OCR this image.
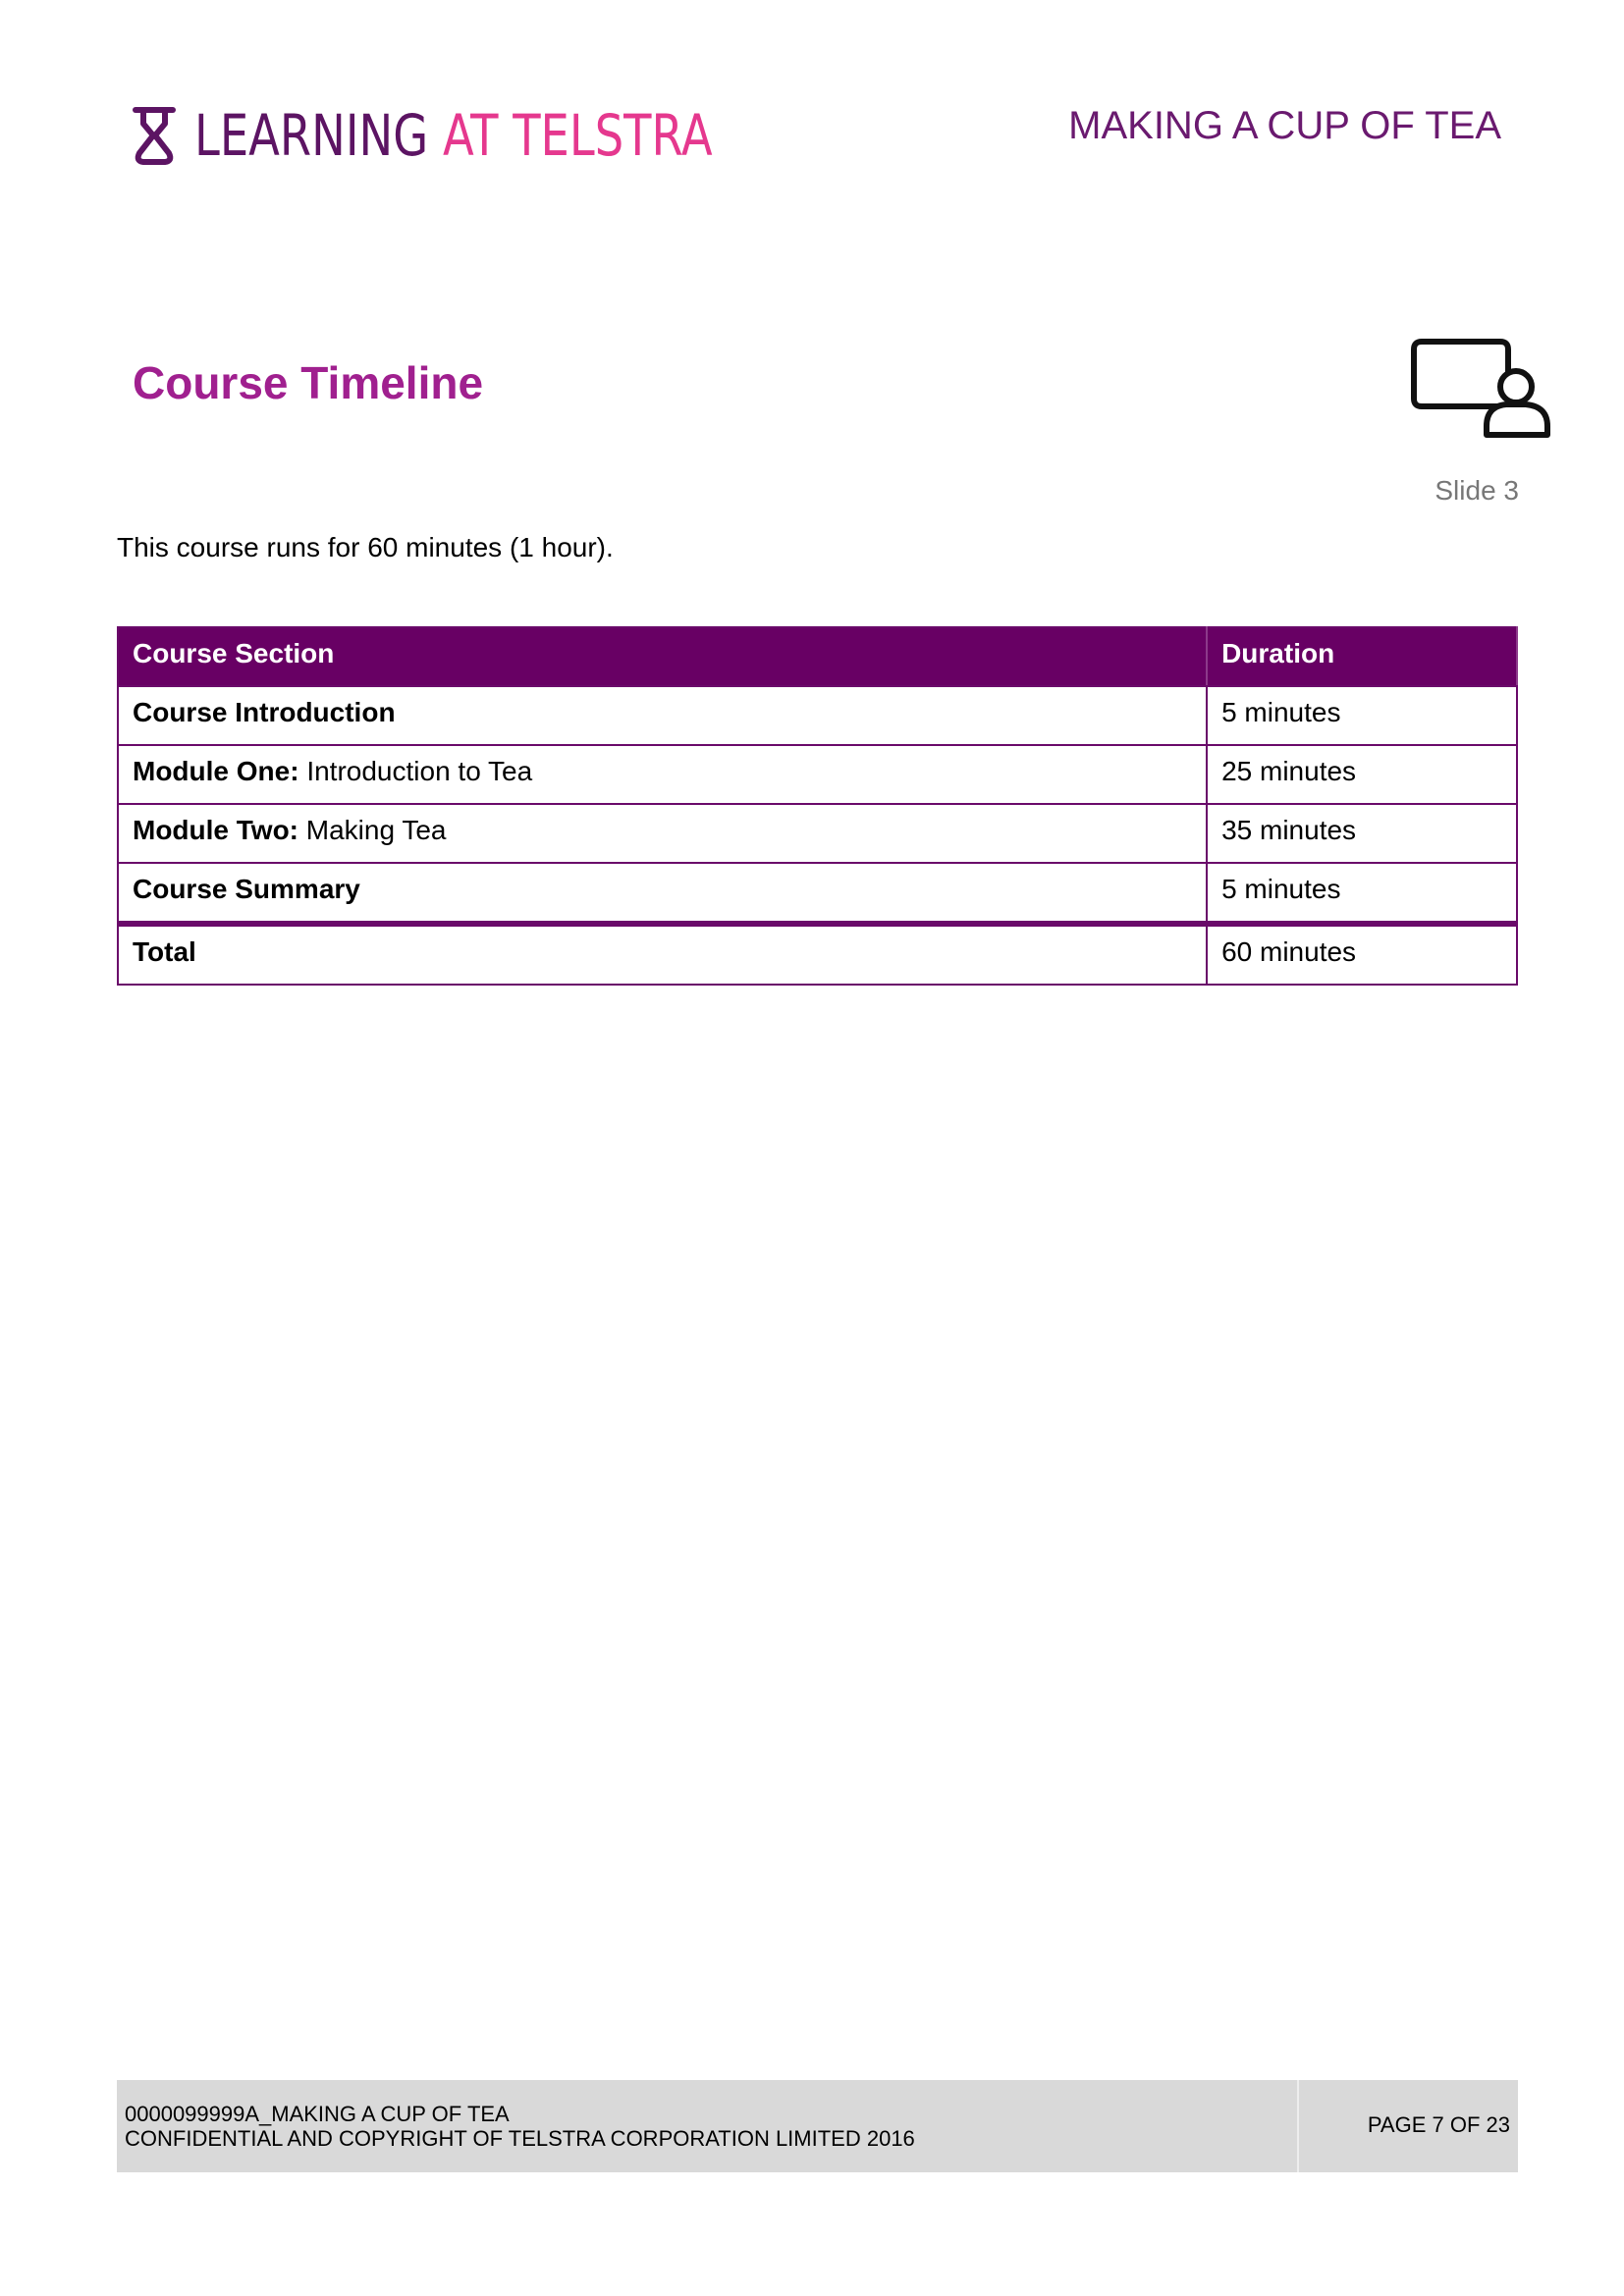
LEARNING AT TELSTRA	MAKING A CUP OF TEA
Course Timeline
Slide 3
This course runs for 60 minutes (1 hour).
Course Section	Duration
Course Introduction	5 minutes
Module One: Introduction to Tea	25 minutes
Module Two: Making Tea	35 minutes
Course Summary	5 minutes
Total	60 minutes
0000099999A_MAKING A CUP OF TEA
CONFIDENTIAL AND COPYRIGHT OF TELSTRA CORPORATION LIMITED 2016
PAGE 7 OF 23
